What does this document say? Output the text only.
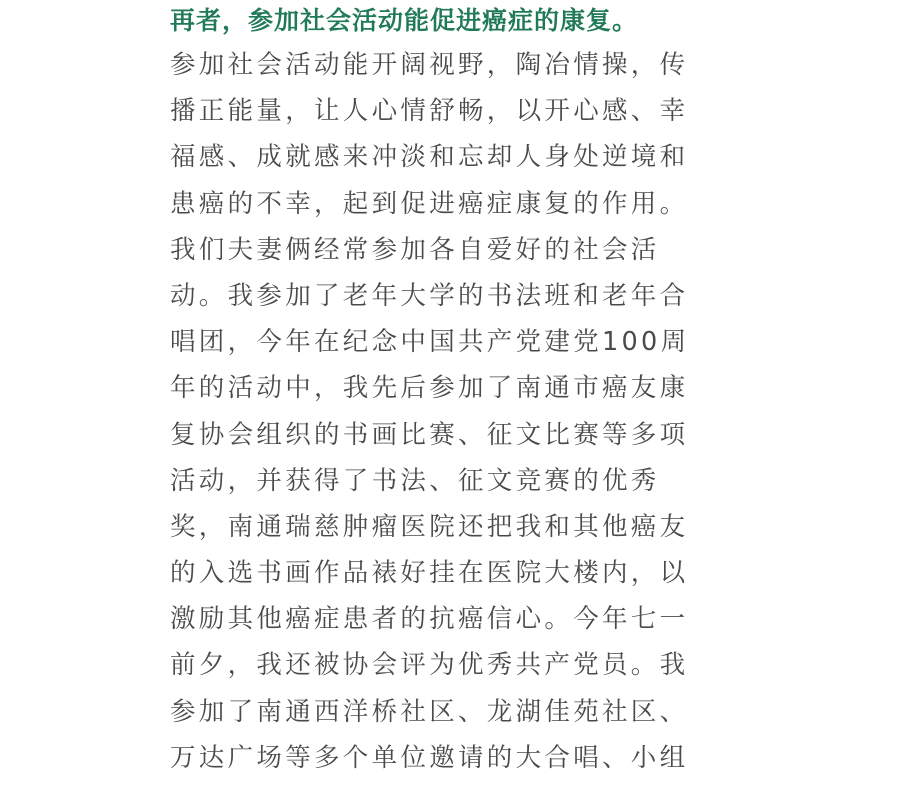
再者，参加社会活动能促进癌症的康复。
参加社会活动能开阔视野，陶冶情操，传
播正能量，让人心情舒畅，以开心感、幸
福感、成就感来冲淡和忘却人身处逆境和
患癌的不幸，起到促进癌症康复的作用。
我们夫妻俩经常参加各自爱好的社会活
动。我参加了老年大学的书法班和老年合
唱团，今年在纪念中国共产党建党100周
年的活动中，我先后参加了南通市癌友康
复协会组织的书画比赛、征文比赛等多项
活动，并获得了书法、征文竞赛的优秀
奖，南通瑞慈肿瘤医院还把我和其他癌友
的入选书画作品裱好挂在医院大楼内，以
激励其他癌症患者的抗癌信心。今年七一
前夕，我还被协会评为优秀共产党员。我
参加了南通西洋桥社区、龙湖佳苑社区、
万达广场等多个单位邀请的大合唱、小组
